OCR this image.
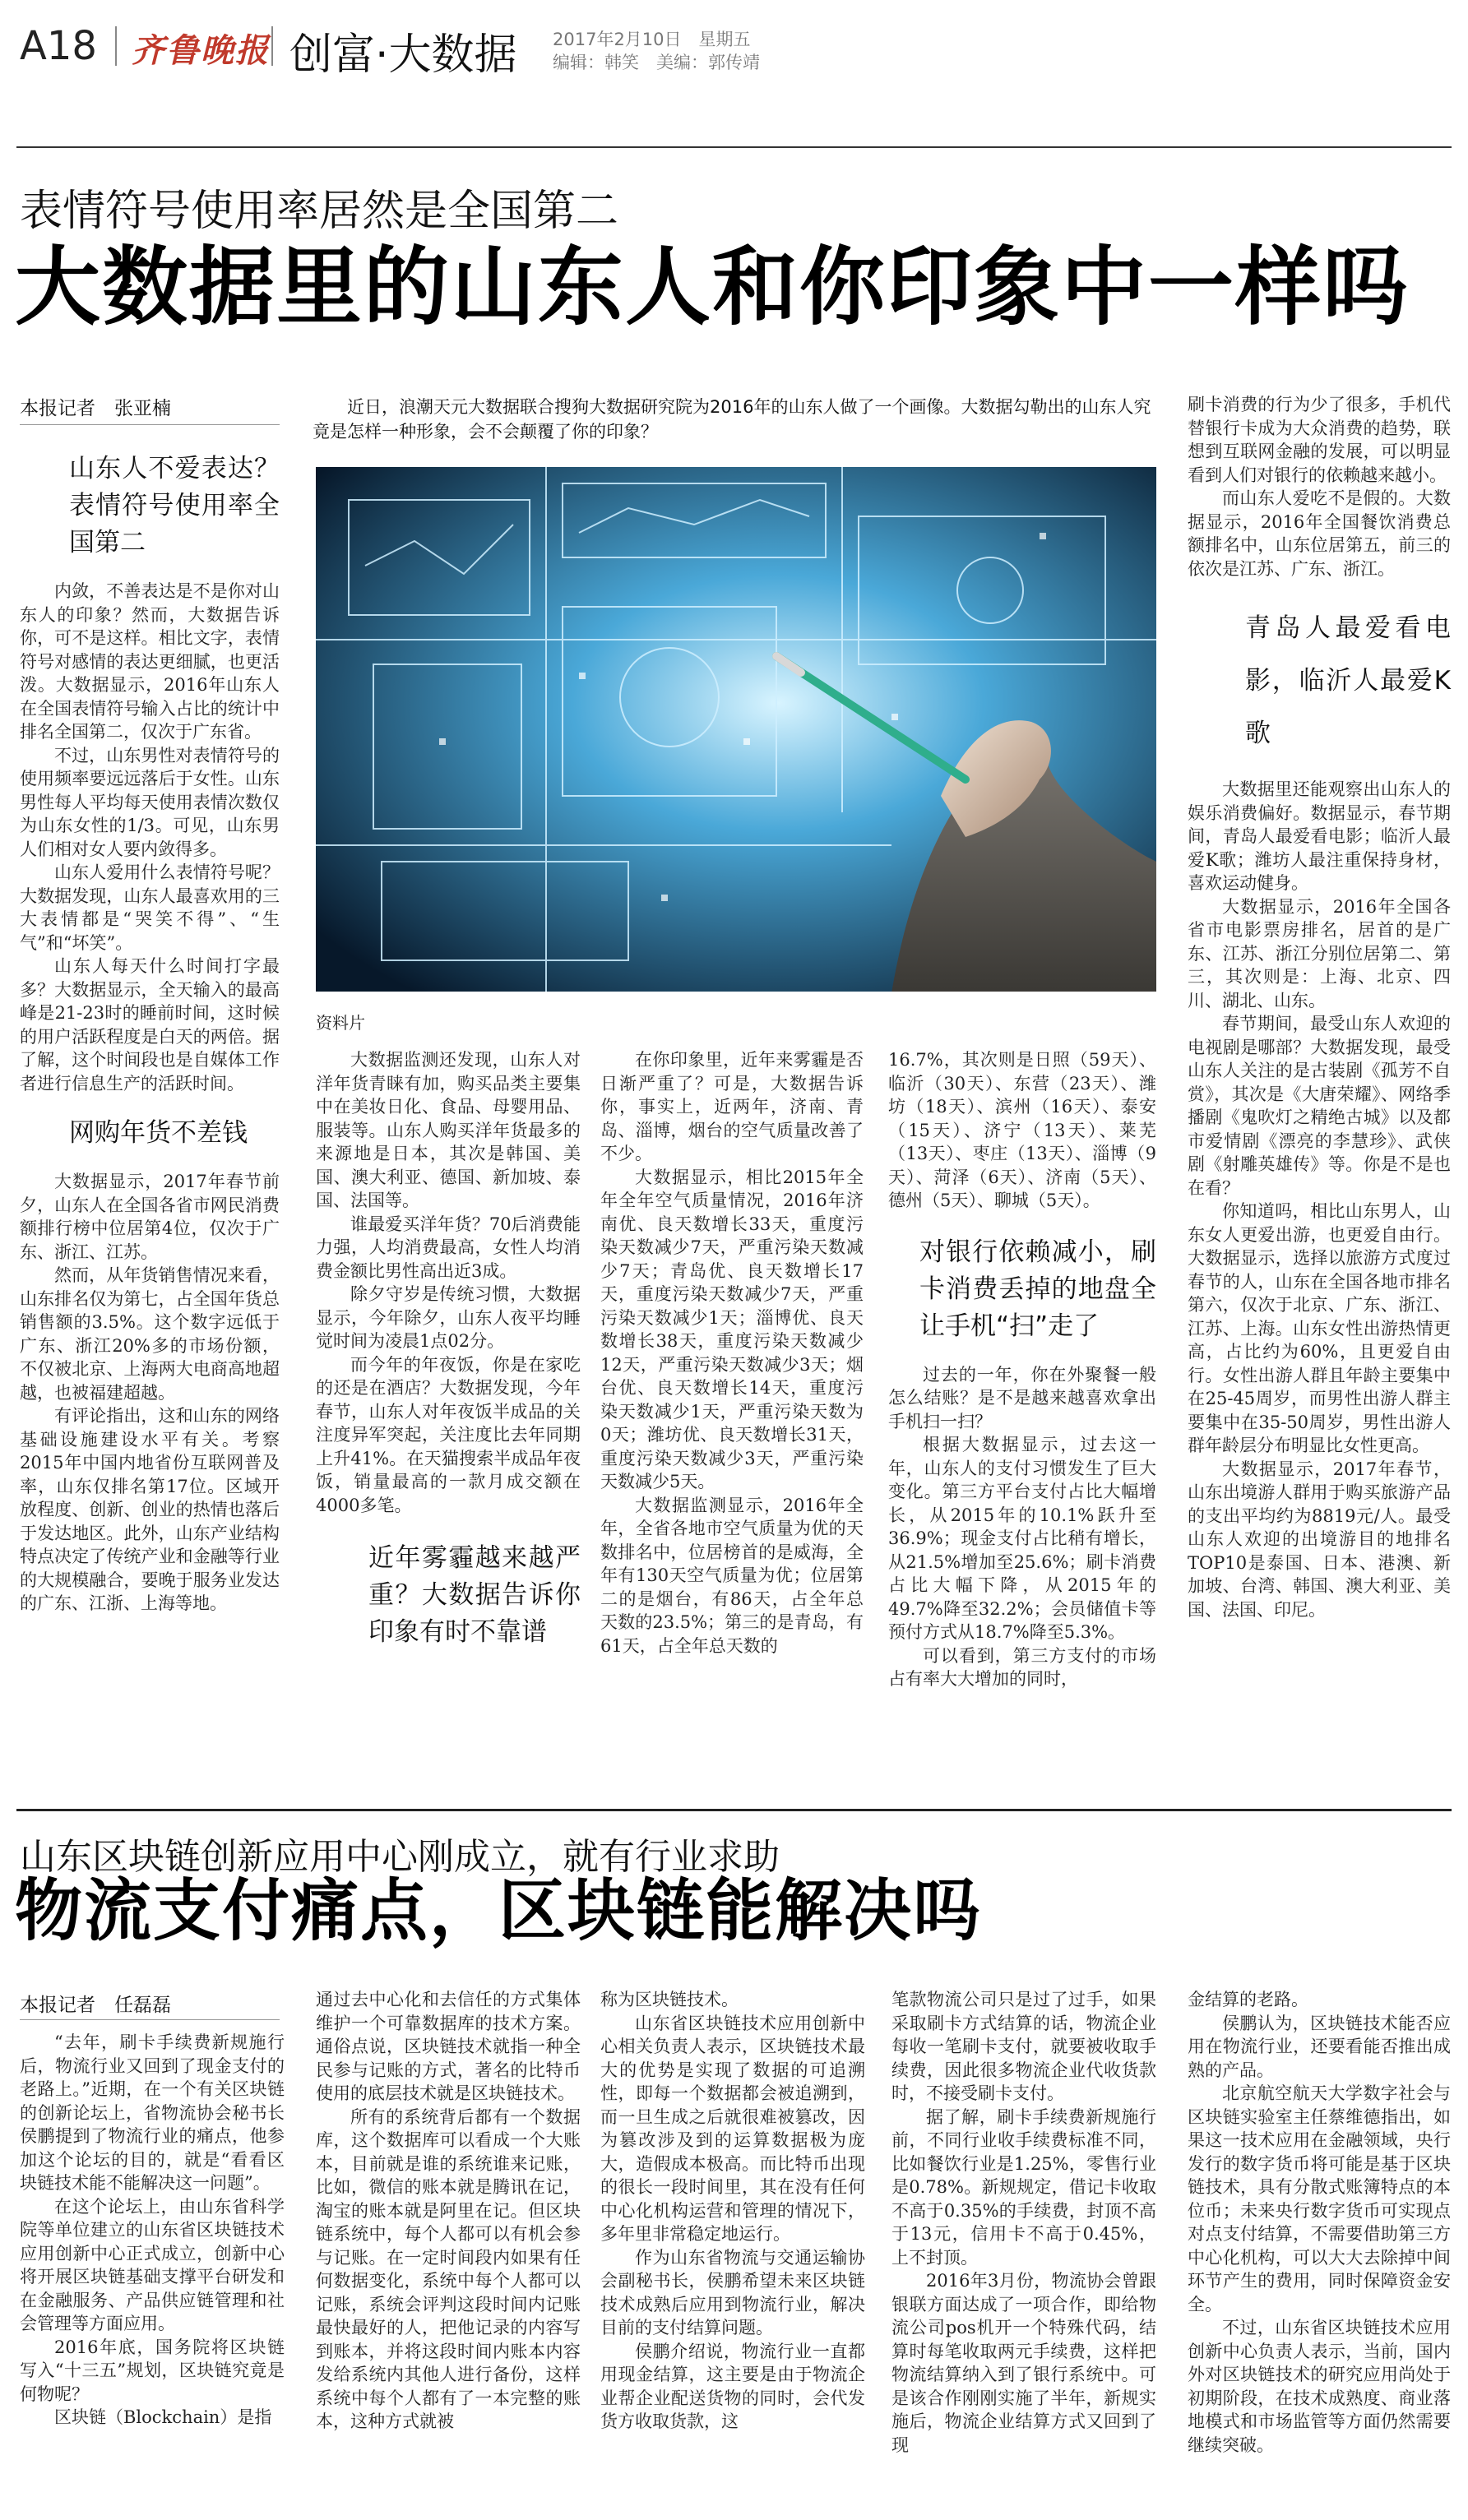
A18 齐鲁晚报 创富·大数据 2017年2月10日　星期五
编辑：韩笑　美编：郭传靖
表情符号使用率居然是全国第二
大数据里的山东人和你印象中一样吗
本报记者　张亚楠
山东人不爱表达？表情符号使用率全国第二

内敛，不善表达是不是你对山东人的印象？然而，大数据告诉你，可不是这样。相比文字，表情符号对感情的表达更细腻，也更活泼。大数据显示，2016年山东人在全国表情符号输入占比的统计中排名全国第二，仅次于广东省。

不过，山东男性对表情符号的使用频率要远远落后于女性。山东男性每人平均每天使用表情次数仅为山东女性的1/3。可见，山东男人们相对女人要内敛得多。

山东人爱用什么表情符号呢？大数据发现，山东人最喜欢用的三大表情都是“哭笑不得”、“生气”和“坏笑”。

山东人每天什么时间打字最多？大数据显示，全天输入的最高峰是21-23时的睡前时间，这时候的用户活跃程度是白天的两倍。据了解，这个时间段也是自媒体工作者进行信息生产的活跃时间。

网购年货不差钱

大数据显示，2017年春节前夕，山东人在全国各省市网民消费额排行榜中位居第4位，仅次于广东、浙江、江苏。

然而，从年货销售情况来看，山东排名仅为第七，占全国年货总销售额的3.5%。这个数字远低于广东、浙江20%多的市场份额，不仅被北京、上海两大电商高地超越，也被福建超越。

有评论指出，这和山东的网络基础设施建设水平有关。考察2015年中国内地省份互联网普及率，山东仅排名第17位。区域开放程度、创新、创业的热情也落后于发达地区。此外，山东产业结构特点决定了传统产业和金融等行业的大规模融合，要晚于服务业发达的广东、江浙、上海等地。

近日，浪潮天元大数据联合搜狗大数据研究院为2016年的山东人做了一个画像。大数据勾勒出的山东人究竟是怎样一种形象，会不会颠覆了你的印象？
资料片

大数据监测还发现，山东人对洋年货青睐有加，购买品类主要集中在美妆日化、食品、母婴用品、服装等。山东人购买洋年货最多的来源地是日本，其次是韩国、美国、澳大利亚、德国、新加坡、泰国、法国等。

谁最爱买洋年货？70后消费能力强，人均消费最高，女性人均消费金额比男性高出近3成。

除夕守岁是传统习惯，大数据显示，今年除夕，山东人夜平均睡觉时间为凌晨1点02分。

而今年的年夜饭，你是在家吃的还是在酒店？大数据发现，今年春节，山东人对年夜饭半成品的关注度异军突起，关注度比去年同期上升41%。在天猫搜索半成品年夜饭，销量最高的一款月成交额在4000多笔。

近年雾霾越来越严重？大数据告诉你印象有时不靠谱

在你印象里，近年来雾霾是否日渐严重了？可是，大数据告诉你，事实上，近两年，济南、青岛、淄博，烟台的空气质量改善了不少。

大数据显示，相比2015年全年全年空气质量情况，2016年济南优、良天数增长33天，重度污染天数减少7天，严重污染天数减少7天；青岛优、良天数增长17天，重度污染天数减少7天，严重污染天数减少1天；淄博优、良天数增长38天，重度污染天数减少12天，严重污染天数减少3天；烟台优、良天数增长14天，重度污染天数减少1天，严重污染天数为0天；潍坊优、良天数增长31天，重度污染天数减少3天，严重污染天数减少5天。

大数据监测显示，2016年全年，全省各地市空气质量为优的天数排名中，位居榜首的是威海，全年有130天空气质量为优；位居第二的是烟台，有86天，占全年总天数的23.5%；第三的是青岛，有61天，占全年总天数的

16.7%，其次则是日照（59天）、临沂（30天）、东营（23天）、潍坊（18天）、滨州（16天）、泰安（15天）、济宁（13天）、莱芜（13天）、枣庄（13天）、淄博（9天）、菏泽（6天）、济南（5天）、德州（5天）、聊城（5天）。

对银行依赖减小，刷卡消费丢掉的地盘全让手机“扫”走了

过去的一年，你在外聚餐一般怎么结账？是不是越来越喜欢拿出手机扫一扫？

根据大数据显示，过去这一年，山东人的支付习惯发生了巨大变化。第三方平台支付占比大幅增长，从2015年的10.1%跃升至36.9%；现金支付占比稍有增长，从21.5%增加至25.6%；刷卡消费占比大幅下降，从2015年的49.7%降至32.2%；会员储值卡等预付方式从18.7%降至5.3%。

可以看到，第三方支付的市场占有率大大增加的同时，

刷卡消费的行为少了很多，手机代替银行卡成为大众消费的趋势，联想到互联网金融的发展，可以明显看到人们对银行的依赖越来越小。

而山东人爱吃不是假的。大数据显示，2016年全国餐饮消费总额排名中，山东位居第五，前三的依次是江苏、广东、浙江。

青岛人最爱看电影，临沂人最爱K歌

大数据里还能观察出山东人的娱乐消费偏好。数据显示，春节期间，青岛人最爱看电影；临沂人最爱K歌；潍坊人最注重保持身材，喜欢运动健身。

大数据显示，2016年全国各省市电影票房排名，居首的是广东、江苏、浙江分别位居第二、第三，其次则是：上海、北京、四川、湖北、山东。

春节期间，最受山东人欢迎的电视剧是哪部？大数据发现，最受山东人关注的是古装剧《孤芳不自赏》，其次是《大唐荣耀》、网络季播剧《鬼吹灯之精绝古城》以及都市爱情剧《漂亮的李慧珍》、武侠剧《射雕英雄传》等。你是不是也在看？

你知道吗，相比山东男人，山东女人更爱出游，也更爱自由行。大数据显示，选择以旅游方式度过春节的人，山东在全国各地市排名第六，仅次于北京、广东、浙江、江苏、上海。山东女性出游热情更高，占比约为60%，且更爱自由行。女性出游人群且年龄主要集中在25-45周岁，而男性出游人群主要集中在35-50周岁，男性出游人群年龄层分布明显比女性更高。

大数据显示，2017年春节，山东出境游人群用于购买旅游产品的支出平均约为8819元/人。最受山东人欢迎的出境游目的地排名TOP10是泰国、日本、港澳、新加坡、台湾、韩国、澳大利亚、美国、法国、印尼。

山东区块链创新应用中心刚成立，就有行业求助
物流支付痛点，区块链能解决吗
本报记者　任磊磊

“去年，刷卡手续费新规施行后，物流行业又回到了现金支付的老路上。”近期，在一个有关区块链的创新论坛上，省物流协会秘书长侯鹏提到了物流行业的痛点，他参加这个论坛的目的，就是“看看区块链技术能不能解决这一问题”。

在这个论坛上，由山东省科学院等单位建立的山东省区块链技术应用创新中心正式成立，创新中心将开展区块链基础支撑平台研发和在金融服务、产品供应链管理和社会管理等方面应用。

2016年底，国务院将区块链写入“十三五”规划，区块链究竟是何物呢？

区块链（Blockchain）是指

通过去中心化和去信任的方式集体维护一个可靠数据库的技术方案。通俗点说，区块链技术就指一种全民参与记账的方式，著名的比特币使用的底层技术就是区块链技术。

所有的系统背后都有一个数据库，这个数据库可以看成一个大账本，目前就是谁的系统谁来记账，比如，微信的账本就是腾讯在记，淘宝的账本就是阿里在记。但区块链系统中，每个人都可以有机会参与记账。在一定时间段内如果有任何数据变化，系统中每个人都可以记账，系统会评判这段时间内记账最快最好的人，把他记录的内容写到账本，并将这段时间内账本内容发给系统内其他人进行备份，这样系统中每个人都有了一本完整的账本，这种方式就被

称为区块链技术。

山东省区块链技术应用创新中心相关负责人表示，区块链技术最大的优势是实现了数据的可追溯性，即每一个数据都会被追溯到，而一旦生成之后就很难被篡改，因为篡改涉及到的运算数据极为庞大，造假成本极高。而比特币出现的很长一段时间里，其在没有任何中心化机构运营和管理的情况下，多年里非常稳定地运行。

作为山东省物流与交通运输协会副秘书长，侯鹏希望未来区块链技术成熟后应用到物流行业，解决目前的支付结算问题。

侯鹏介绍说，物流行业一直都用现金结算，这主要是由于物流企业帮企业配送货物的同时，会代发货方收取货款，这

笔款物流公司只是过了过手，如果采取刷卡方式结算的话，物流企业每收一笔刷卡支付，就要被收取手续费，因此很多物流企业代收货款时，不接受刷卡支付。

据了解，刷卡手续费新规施行前，不同行业收手续费标准不同，比如餐饮行业是1.25%，零售行业是0.78%。新规规定，借记卡收取不高于0.35%的手续费，封顶不高于13元，信用卡不高于0.45%，上不封顶。

2016年3月份，物流协会曾跟银联方面达成了一项合作，即给物流公司pos机开一个特殊代码，结算时每笔收取两元手续费，这样把物流结算纳入到了银行系统中。可是该合作刚刚实施了半年，新规实施后，物流企业结算方式又回到了现

金结算的老路。

侯鹏认为，区块链技术能否应用在物流行业，还要看能否推出成熟的产品。

北京航空航天大学数字社会与区块链实验室主任蔡维德指出，如果这一技术应用在金融领域，央行发行的数字货币将可能是基于区块链技术，具有分散式账簿特点的本位币；未来央行数字货币可实现点对点支付结算，不需要借助第三方中心化机构，可以大大去除掉中间环节产生的费用，同时保障资金安全。

不过，山东省区块链技术应用创新中心负责人表示，当前，国内外对区块链技术的研究应用尚处于初期阶段，在技术成熟度、商业落地模式和市场监管等方面仍然需要继续突破。
